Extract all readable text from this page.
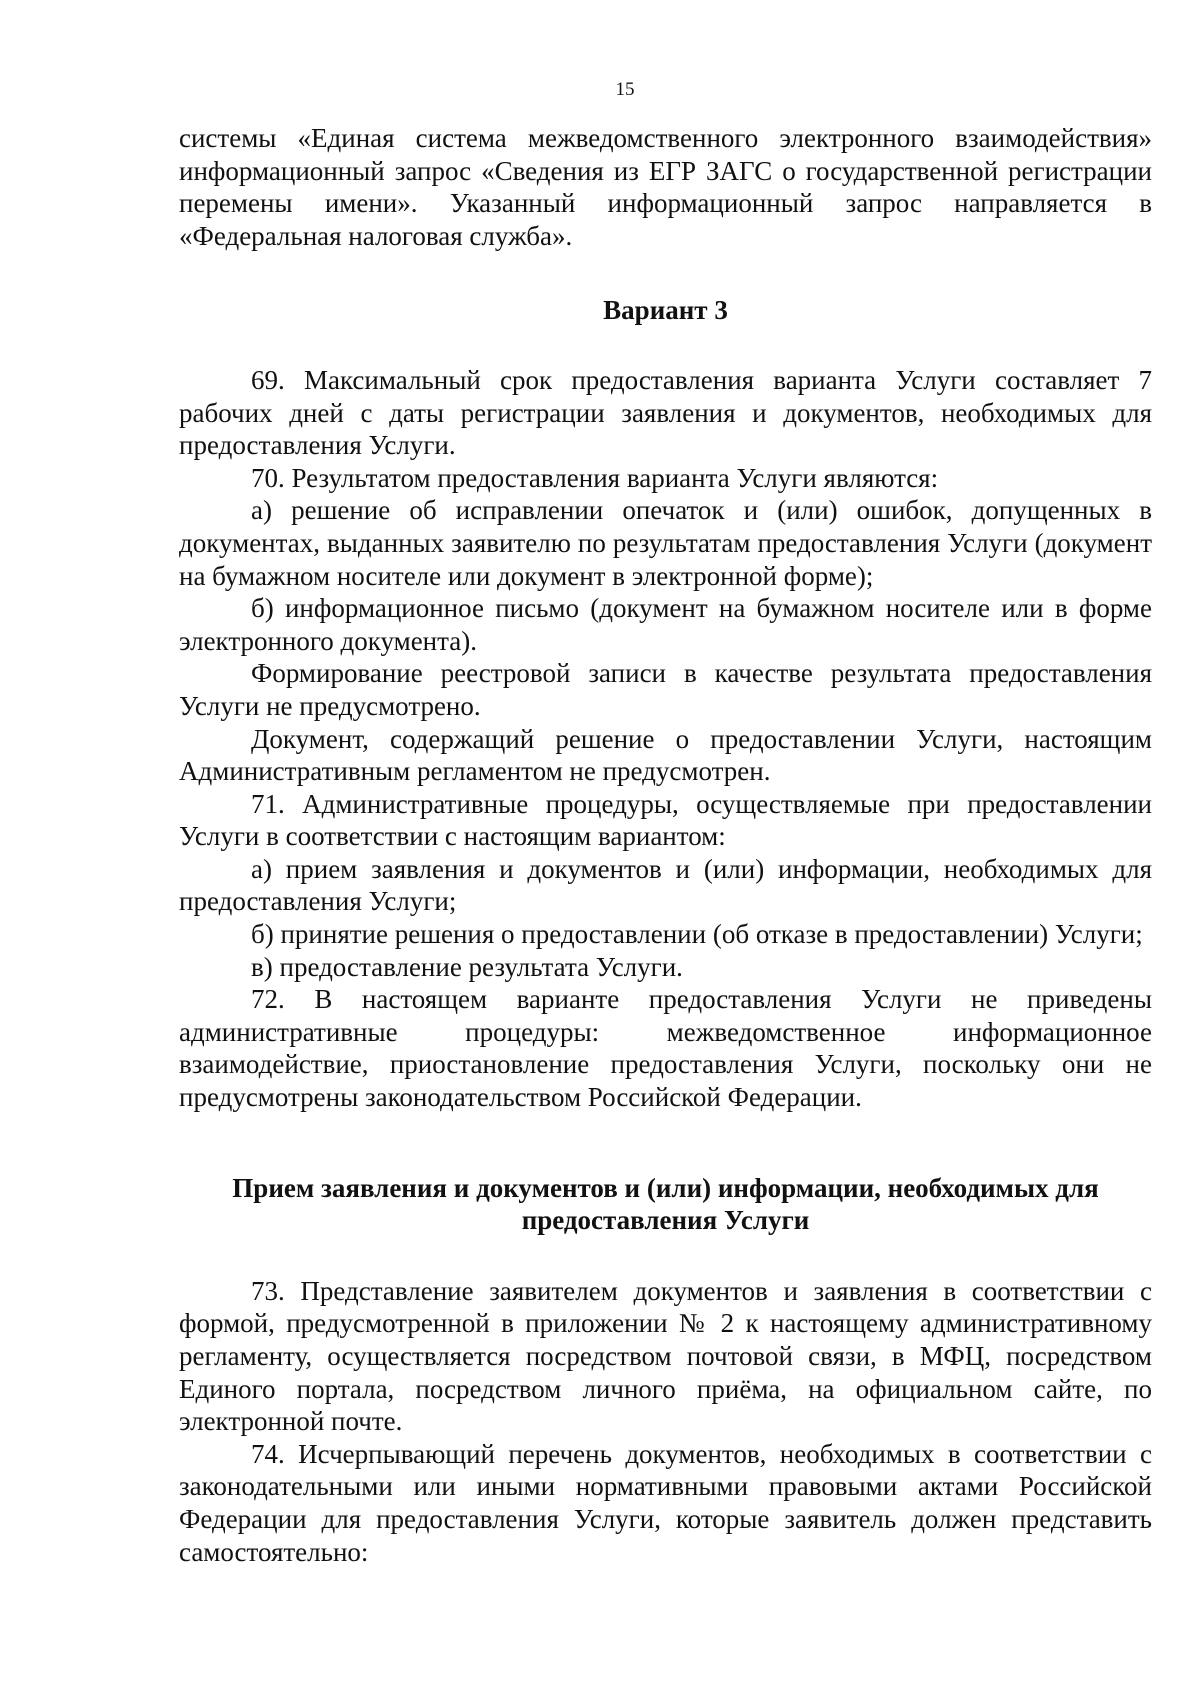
15

системы «Единая система межведомственного электронного взаимодействия» информационный запрос «Сведения из ЕГР ЗАГС о государственной регистрации перемены имени». Указанный информационный запрос направляется в «Федеральная налоговая служба».

Вариант 3

69. Максимальный срок предоставления варианта Услуги составляет 7 рабочих дней с даты регистрации заявления и документов, необходимых для предоставления Услуги.

70. Результатом предоставления варианта Услуги являются:

а) решение об исправлении опечаток и (или) ошибок, допущенных в документах, выданных заявителю по результатам предоставления Услуги (документ на бумажном носителе или документ в электронной форме);

б) информационное письмо (документ на бумажном носителе или в форме электронного документа).

Формирование реестровой записи в качестве результата предоставления Услуги не предусмотрено.

Документ, содержащий решение о предоставлении Услуги, настоящим Административным регламентом не предусмотрен.

71. Административные процедуры, осуществляемые при предоставлении Услуги в соответствии с настоящим вариантом:

а) прием заявления и документов и (или) информации, необходимых для предоставления Услуги;

б) принятие решения о предоставлении (об отказе в предоставлении) Услуги;

в) предоставление результата Услуги.

72. В настоящем варианте предоставления Услуги не приведены административные процедуры: межведомственное информационное взаимодействие, приостановление предоставления Услуги, поскольку они не предусмотрены законодательством Российской Федерации.

Прием заявления и документов и (или) информации, необходимых для предоставления Услуги

73. Представление заявителем документов и заявления в соответствии с формой, предусмотренной в приложении № 2 к настоящему административному регламенту, осуществляется посредством почтовой связи, в МФЦ, посредством Единого портала, посредством личного приёма, на официальном сайте, по электронной почте.

74. Исчерпывающий перечень документов, необходимых в соответствии с законодательными или иными нормативными правовыми актами Российской Федерации для предоставления Услуги, которые заявитель должен представить самостоятельно:
